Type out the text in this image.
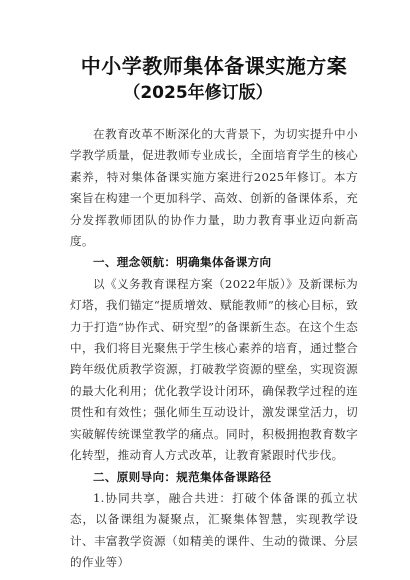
中小学教师集体备课实施方案
（2025年修订版）

在教育改革不断深化的大背景下，为切实提升中小学教学质量，促进教师专业成长，全面培育学生的核心素养，特对集体备课实施方案进行2025年修订。本方案旨在构建一个更加科学、高效、创新的备课体系，充分发挥教师团队的协作力量，助力教育事业迈向新高度。

一、理念领航：明确集体备课方向

以《义务教育课程方案（2022年版）》及新课标为灯塔，我们锚定“提质增效、赋能教师”的核心目标，致力于打造“协作式、研究型”的备课新生态。在这个生态中，我们将目光聚焦于学生核心素养的培育，通过整合跨年级优质教学资源，打破教学资源的壁垒，实现资源的最大化利用；优化教学设计闭环，确保教学过程的连贯性和有效性；强化师生互动设计，激发课堂活力，切实破解传统课堂教学的痛点。同时，积极拥抱教育数字化转型，推动育人方式改革，让教育紧跟时代步伐。

二、原则导向：规范集体备课路径

1.协同共享，融合共进：打破个体备课的孤立状态，以备课组为凝聚点，汇聚集体智慧，实现教学设计、丰富教学资源（如精美的课件、生动的微课、分层的作业等）
